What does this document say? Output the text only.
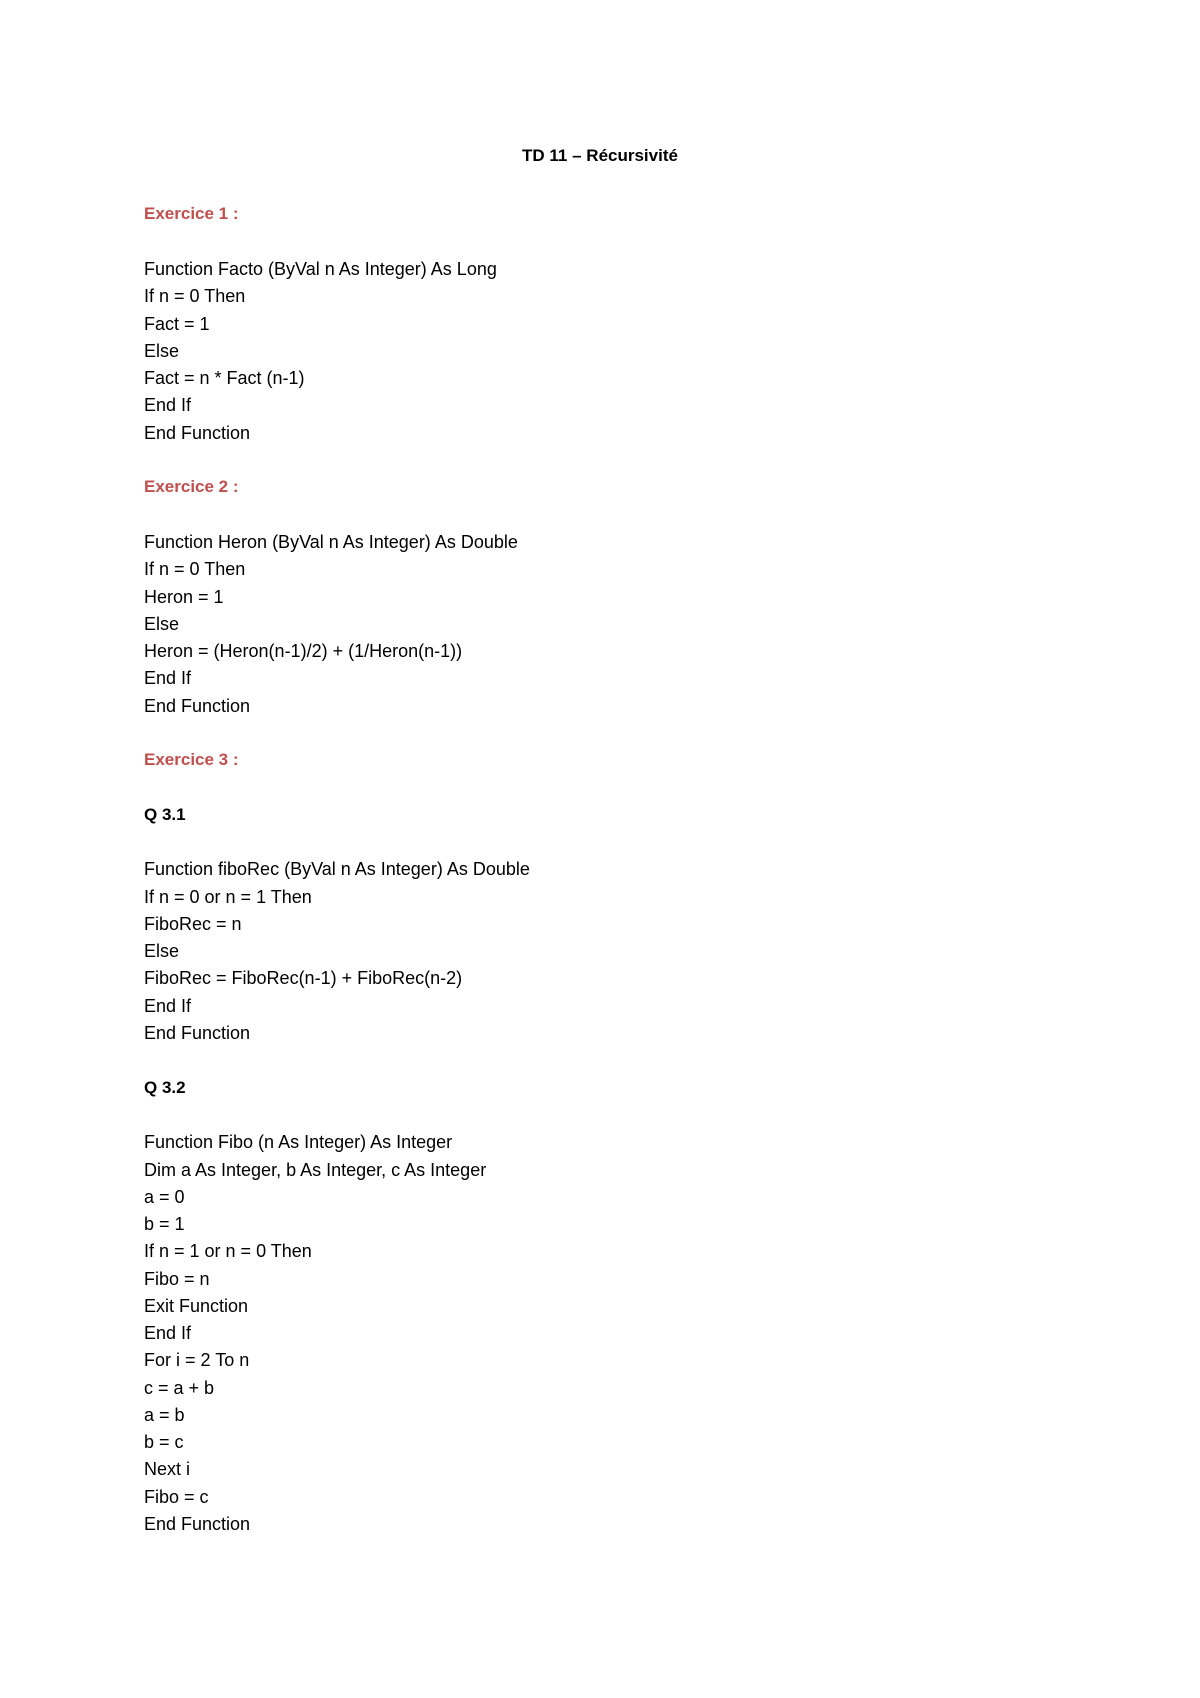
TD 11 – Récursivité
Exercice 1 :
Function Facto (ByVal n As Integer) As Long
If n = 0 Then
Fact = 1
Else
Fact = n * Fact (n-1)
End If
End Function
Exercice 2 :
Function Heron (ByVal n As Integer) As Double
If n = 0 Then
Heron = 1
Else
Heron = (Heron(n-1)/2) + (1/Heron(n-1))
End If
End Function
Exercice 3 :
Q 3.1
Function fiboRec (ByVal n As Integer) As Double
If n = 0 or n = 1 Then
FiboRec = n
Else
FiboRec = FiboRec(n-1) + FiboRec(n-2)
End If
End Function
Q 3.2
Function Fibo (n As Integer) As Integer
Dim a As Integer, b As Integer, c As Integer
a = 0
b = 1
If n = 1 or n = 0 Then
Fibo = n
Exit Function
End If
For i = 2 To n
c = a + b
a = b
b = c
Next i
Fibo = c
End Function
